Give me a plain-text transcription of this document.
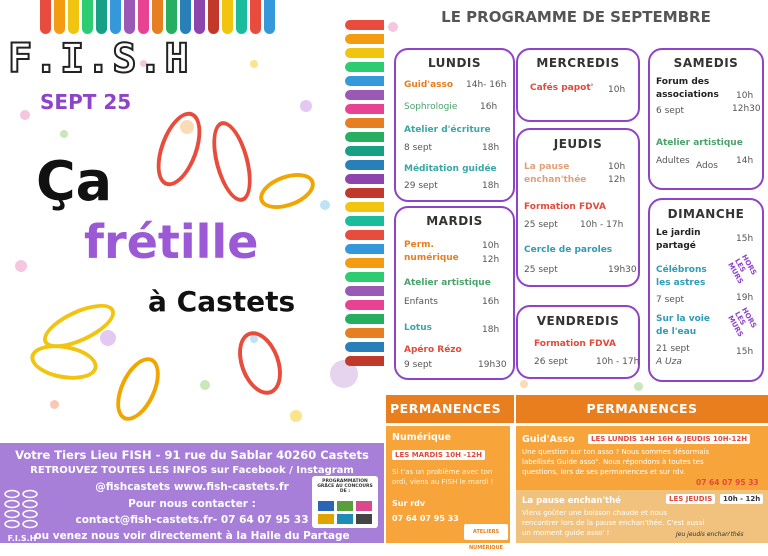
F.I.S.H
SEPT 25
Ça
frétille
à Castets
Votre Tiers Lieu FISH - 91 rue du Sablar 40260 Castets
RETROUVEZ TOUTES LES INFOS sur Facebook / Instagram
@fishcastets www.fish-castets.fr
Pour nous contacter :
contact@fish-castets.fr- 07 64 07 95 33
ou venez nous voir directement à la Halle du Partage
F.I.S.H
PROGRAMMATION GRÂCE AU CONCOURS DE :
LE PROGRAMME DE SEPTEMBRE
LUNDIS
Guid'asso 14h- 16h
Sophrologie	16h
Atelier d'écriture
8 sept	18h
Méditation guidée
29 sept	18h
MERCREDIS
Cafés papot' 10h
SAMEDIS
Forum des
associations 10h
6 sept	12h30
Atelier artistique
Adultes Ados 14h
JEUDIS
La pause
enchan'thée
10h
12h
Formation FDVA
25 sept 10h - 17h
Cercle de paroles
25 sept	19h30
MARDIS
Perm.
numérique
10h
12h
Atelier artistique
Enfants	16h
Lotus	18h
Apéro Rézo
9 sept	19h30
DIMANCHE
Le jardin
partagé
15h
Célébrons
les astres
7 sept	19h
Sur la voie
de l'eau
21 sept
A Uza
15h
HORS LES MURS
HORS LES MURS
VENDREDIS
Formation FDVA
26 sept	10h - 17h
PERMANENCES	PERMANENCES
Numérique
LES MARDIS 10H -12H
Si t'as un problème avec ton
ordi, viens au FISH le mardi !
Sur rdv
07 64 07 95 33
ATELIERS NUMÉRIQUE
Guid'Asso	LES LUNDIS 14H 16H & JEUDIS 10H-12H
Une question sur ton asso ? Nous sommes désormais
labellisés Guide asso". Nous répondons à toutes tes
questions, lors de ses permanences et sur rdv.
07 64 07 95 33
La pause enchan'thé	LES JEUDIS	10h - 12h
Viens goûter une boisson chaude et nous
rencontrer lors de la pause enchan'thée. C'est aussi
un moment guide asso' !	Jeu jeudis enchan'thés
